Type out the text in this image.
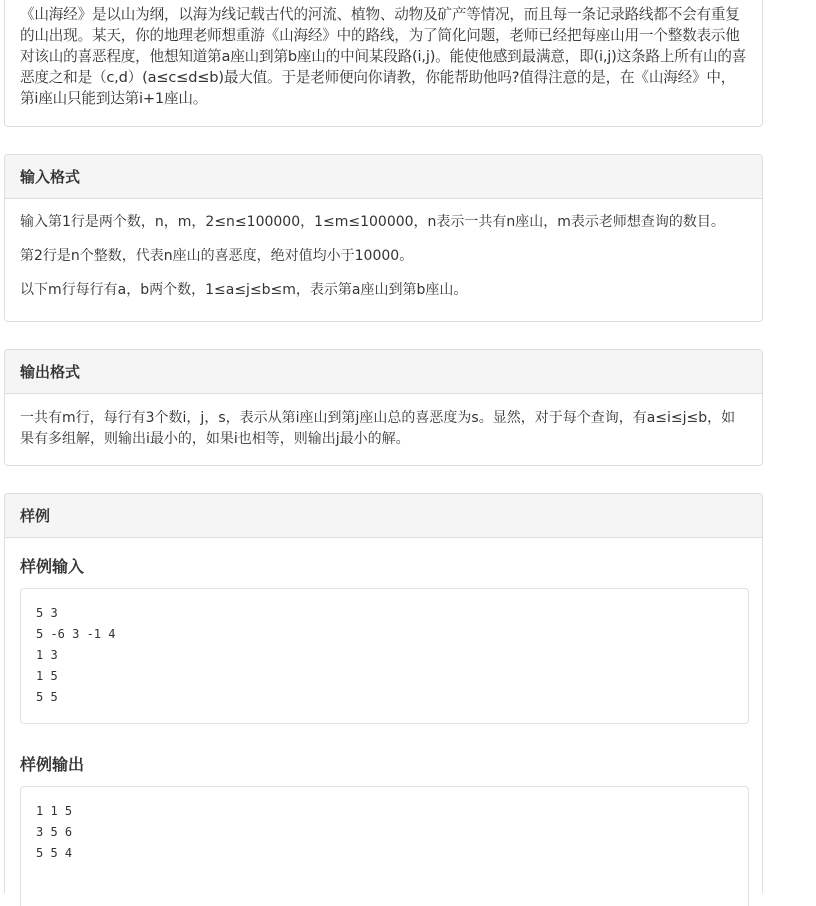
《山海经》是以山为纲，以海为线记载古代的河流、植物、动物及矿产等情况，而且每一条记录路线都不会有重复的山出现。某天，你的地理老师想重游《山海经》中的路线，为了简化问题，老师已经把每座山用一个整数表示他对该山的喜恶程度，他想知道第a座山到第b座山的中间某段路(i,j)。能使他感到最满意，即(i,j)这条路上所有山的喜恶度之和是（c,d）(a≤c≤d≤b)最大值。于是老师便向你请教，你能帮助他吗?值得注意的是，在《山海经》中，第i座山只能到达第i+1座山。

输入格式

输入第1行是两个数，n，m，2≤n≤100000，1≤m≤100000，n表示一共有n座山，m表示老师想查询的数目。

第2行是n个整数，代表n座山的喜恶度，绝对值均小于10000。

以下m行每行有a，b两个数，1≤a≤j≤b≤m，表示第a座山到第b座山。

输出格式

一共有m行，每行有3个数i，j，s，表示从第i座山到第j座山总的喜恶度为s。显然，对于每个查询，有a≤i≤j≤b，如果有多组解，则输出i最小的，如果i也相等，则输出j最小的解。

样例
样例输入
5 3
5 -6 3 -1 4
1 3
1 5
5 5
样例输出
1 1 5
3 5 6
5 5 4
